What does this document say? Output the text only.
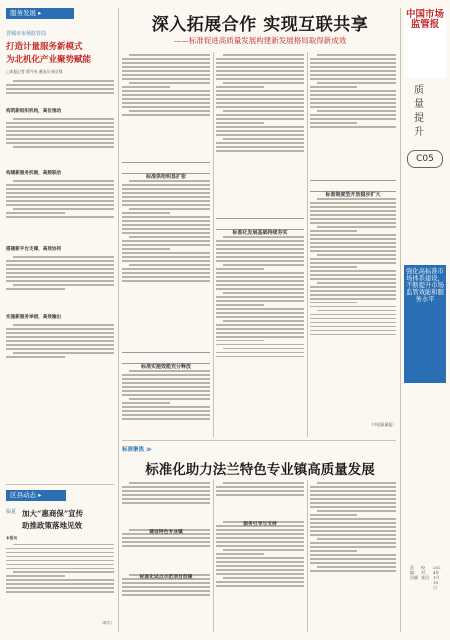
服务发展 ▸
晋城市市场监管局
打造计量服务新模式
为北机化产业聚势赋能
□本报记者 贾开亮 通讯员 崔京锋
构筑新组织机构，高位推动
构建新服务机制，高频联动
搭建新平台支撑，高效协同
实施新服务举措，高效输出
区县动态 ▸
临夏 加大“惠商保”宣传
助推政策落地见效
本报讯
（韩学）
深入拓展合作 实现互联共享
——标准促进高质量发展构建新发展格局取得新成效
标准供给明显扩张
标准实施效能充分释放
标准化发展基础持续夯实
标准制度型开放稳步扩大
（中国质量报）
标准聚焦 ≫
标准化助力法兰特色专业镇高质量发展
建设特色专业镇
标准化试点示范项目创建
服务引导与支持
中国市场监管报
质量提升
C05
强化高标准市场体系建设，不断提升市场监管效能和服务水平
责编：田颖
校对：张田
2024年1月18日
